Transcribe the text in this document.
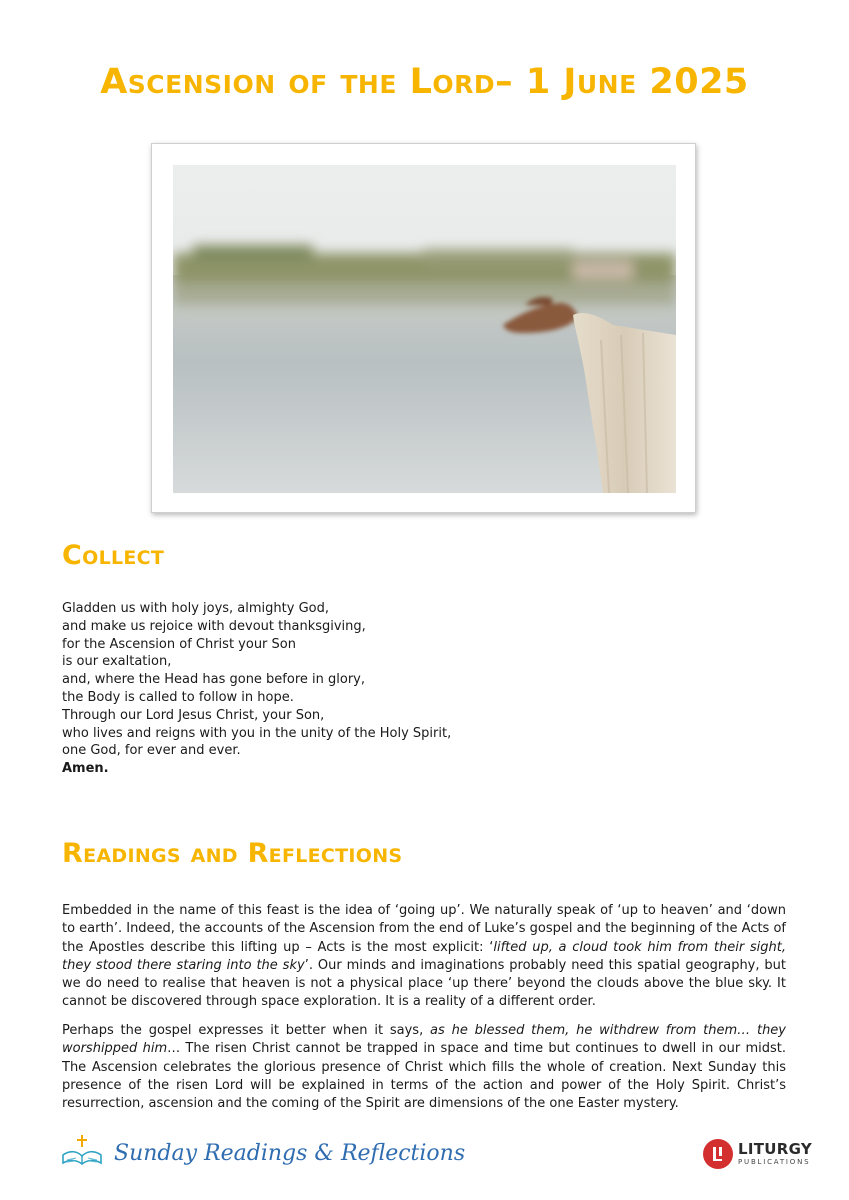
Ascension of the Lord– 1 June 2025
Collect
Gladden us with holy joys, almighty God,
and make us rejoice with devout thanksgiving,
for the Ascension of Christ your Son
is our exaltation,
and, where the Head has gone before in glory,
the Body is called to follow in hope.
Through our Lord Jesus Christ, your Son,
who lives and reigns with you in the unity of the Holy Spirit,
one God, for ever and ever.
Amen.
Readings and Reflections

Embedded in the name of this feast is the idea of ‘going up’. We naturally speak of ‘up to heaven’ and ‘down to earth’. Indeed, the accounts of the Ascension from the end of Luke’s gospel and the beginning of the Acts of the Apostles describe this lifting up – Acts is the most explicit: ‘lifted up, a cloud took him from their sight, they stood there staring into the sky’. Our minds and imaginations probably need this spatial geography, but we do need to realise that heaven is not a physical place ‘up there’ beyond the clouds above the blue sky. It cannot be discovered through space exploration. It is a reality of a different order.

Perhaps the gospel expresses it better when it says, as he blessed them, he withdrew from them… they worshipped him… The risen Christ cannot be trapped in space and time but continues to dwell in our midst. The Ascension celebrates the glorious presence of Christ which fills the whole of creation. Next Sunday this presence of the risen Lord will be explained in terms of the action and power of the Holy Spirit. Christ’s resurrection, ascension and the coming of the Spirit are dimensions of the one Easter mystery.

Sunday Readings & Reflections	LITURGY
PUBLICATIONS
